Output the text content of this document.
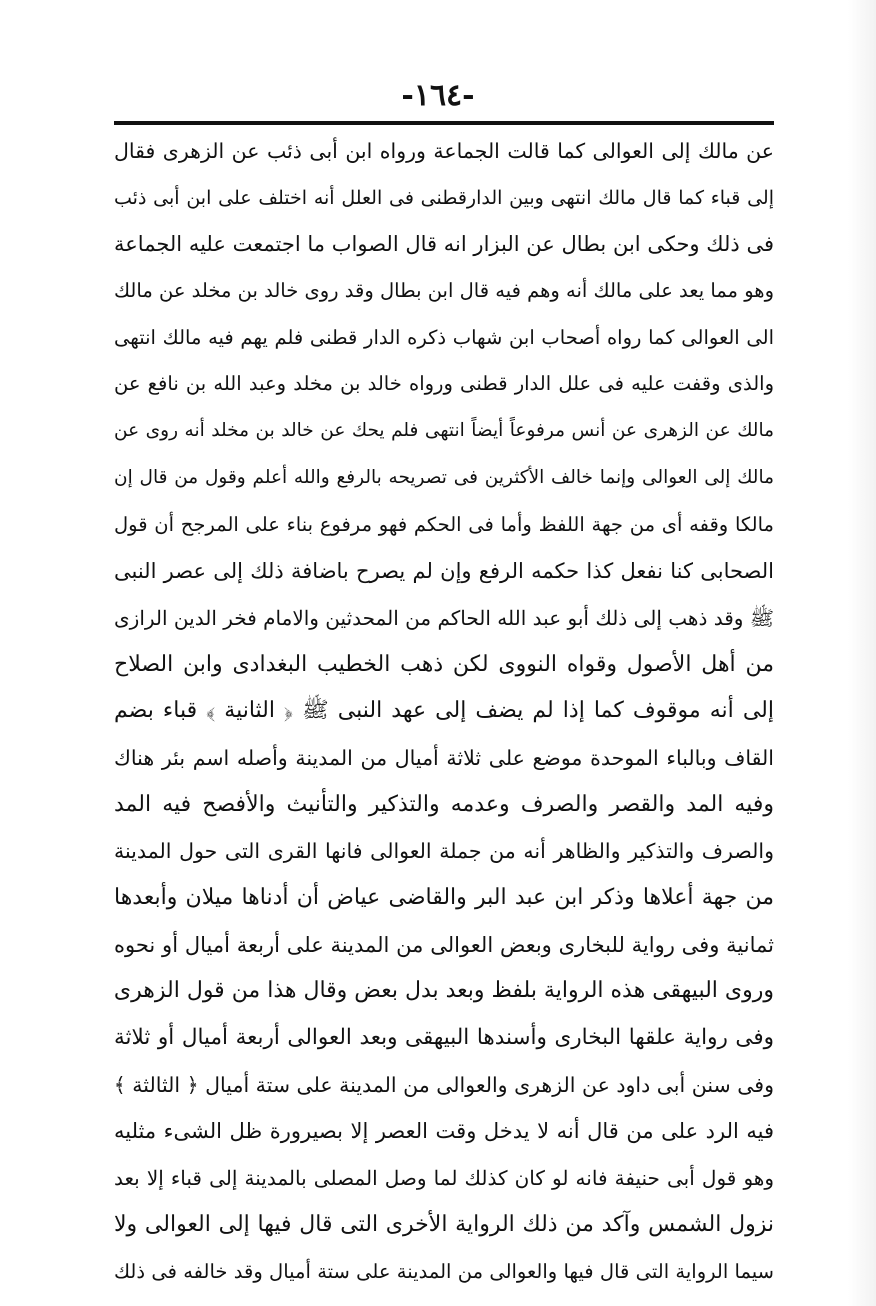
-١٦٤-
عن مالك إلى العوالى كما قالت الجماعة ورواه ابن أبى ذئب عن الزهرى فقال
إلى قباء كما قال مالك انتهى وبين الدارقطنى فى العلل أنه اختلف على ابن أبى ذئب
فى ذلك وحكى ابن بطال عن البزار انه قال الصواب ما اجتمعت عليه الجماعة
وهو مما يعد على مالك أنه وهم فيه قال ابن بطال وقد روى خالد بن مخلد عن مالك
الى العوالى كما رواه أصحاب ابن شهاب ذكره الدار قطنى فلم يهم فيه مالك انتهى
والذى وقفت عليه فى علل الدار قطنى ورواه خالد بن مخلد وعبد الله بن نافع عن
مالك عن الزهرى عن أنس مرفوعاً أيضاً انتهى فلم يحك عن خالد بن مخلد أنه روى عن
مالك إلى العوالى وإنما خالف الأكثرين فى تصريحه بالرفع والله أعلم وقول من قال إن
مالكا وقفه أى من جهة اللفظ وأما فى الحكم فهو مرفوع بناء على المرجح أن قول
الصحابى كنا نفعل كذا حكمه الرفع وإن لم يصرح باضافة ذلك إلى عصر النبى
ﷺ وقد ذهب إلى ذلك أبو عبد الله الحاكم من المحدثين والامام فخر الدين الرازى
من أهل الأصول وقواه النووى لكن ذهب الخطيب البغدادى وابن الصلاح
إلى أنه موقوف كما إذا لم يضف إلى عهد النبى ﷺ ﴿ الثانية ﴾ قباء بضم
القاف وبالباء الموحدة موضع على ثلاثة أميال من المدينة وأصله اسم بئر هناك
وفيه المد والقصر والصرف وعدمه والتذكير والتأنيث والأفصح فيه المد
والصرف والتذكير والظاهر أنه من جملة العوالى فانها القرى التى حول المدينة
من جهة أعلاها وذكر ابن عبد البر والقاضى عياض أن أدناها ميلان وأبعدها
ثمانية وفى رواية للبخارى وبعض العوالى من المدينة على أربعة أميال أو نحوه
وروى البيهقى هذه الرواية بلفظ وبعد بدل بعض وقال هذا من قول الزهرى
وفى رواية علقها البخارى وأسندها البيهقى وبعد العوالى أربعة أميال أو ثلاثة
وفى سنن أبى داود عن الزهرى والعوالى من المدينة على ستة أميال ﴿ الثالثة ﴾
فيه الرد على من قال أنه لا يدخل وقت العصر إلا بصيرورة ظل الشىء مثليه
وهو قول أبى حنيفة فانه لو كان كذلك لما وصل المصلى بالمدينة إلى قباء إلا بعد
نزول الشمس وآكد من ذلك الرواية الأخرى التى قال فيها إلى العوالى ولا
سيما الرواية التى قال فيها والعوالى من المدينة على ستة أميال وقد خالفه فى ذلك
